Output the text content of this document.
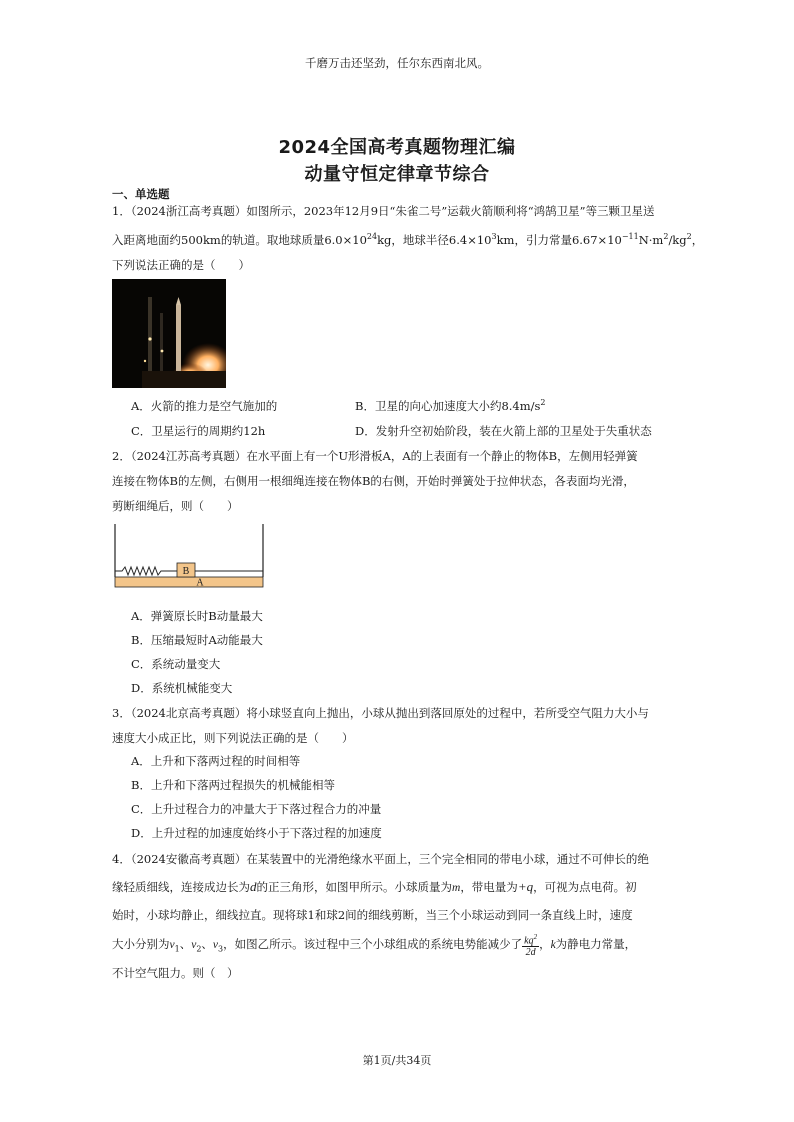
千磨万击还坚劲，任尔东西南北风。
2024全国高考真题物理汇编
动量守恒定律章节综合
一、单选题
1．（2024浙江高考真题）如图所示，2023年12月9日“朱雀二号”运载火箭顺利将“鸿鹄卫星”等三颗卫星送
入距离地面约500km的轨道。取地球质量$6.0\times 10^{24}kg$，地球半径$6.4\times 10^3km$，引力常量$6.67\times 10^{-11}N\cdot m^2/kg^2$，
下列说法正确的是（　　）
A．火箭的推力是空气施加的	B．卫星的向心加速度大小约$8.4m/s^2$
C．卫星运行的周期约12h	D．发射升空初始阶段，装在火箭上部的卫星处于失重状态
2．（2024江苏高考真题）在水平面上有一个U形滑板A，A的上表面有一个静止的物体B，左侧用轻弹簧
连接在物体B的左侧，右侧用一根细绳连接在物体B的右侧，开始时弹簧处于拉伸状态，各表面均光滑，
剪断细绳后，则（　　）
B
A
A．弹簧原长时B动量最大
B．压缩最短时A动能最大
C．系统动量变大
D．系统机械能变大
3．（2024北京高考真题）将小球竖直向上抛出，小球从抛出到落回原处的过程中，若所受空气阻力大小与
速度大小成正比，则下列说法正确的是（　　）
A．上升和下落两过程的时间相等
B．上升和下落两过程损失的机械能相等
C．上升过程合力的冲量大于下落过程合力的冲量
D．上升过程的加速度始终小于下落过程的加速度
4．（2024安徽高考真题）在某装置中的光滑绝缘水平面上，三个完全相同的带电小球，通过不可伸长的绝
缘轻质细线，连接成边长为d的正三角形，如图甲所示。小球质量为m，带电量为+q，可视为点电荷。初
始时，小球均静止，细线拉直。现将球1和球2间的细线剪断，当三个小球运动到同一条直线上时，速度
大小分别为$v_1$、$v_2$、$v_3$，如图乙所示。该过程中三个小球组成的系统电势能减少了 $\frac{kq^2}{2d}$ ，k为静电力常量，
不计空气阻力。则（　）
第1页/共34页
